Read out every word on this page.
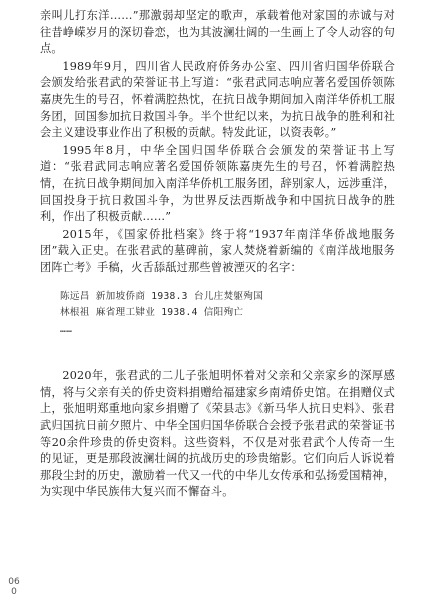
亲叫儿打东洋……”那激弱却坚定的歌声，承载着他对家国的赤诚与对往昔峥嵘岁月的深切眷恋，也为其波澜壮阔的一生画上了令人动容的句点。

1989年9月，四川省人民政府侨务办公室、四川省归国华侨联合会颁发给张君武的荣誉证书上写道：“张君武同志响应著名爱国侨领陈嘉庚先生的号召，怀着满腔热忱，在抗日战争期间加入南洋华侨机工服务团，回国参加抗日救国斗争。半个世纪以来，为抗日战争的胜利和社会主义建设事业作出了积极的贡献。特发此证，以资表彰。”

1995年8月，中华全国归国华侨联合会颁发的荣誉证书上写道：“张君武同志响应著名爱国侨领陈嘉庚先生的号召，怀着满腔热情，在抗日战争期间加入南洋华侨机工服务团，辞别家人，远涉重洋，回国投身于抗日救国斗争，为世界反法西斯战争和中国抗日战争的胜利，作出了积极贡献……”

2015年，《国家侨批档案》终于将“1937年南洋华侨战地服务团”载入正史。在张君武的墓碑前，家人焚烧着新编的《南洋战地服务团阵亡考》手稿，火舌舔舐过那些曾被湮灭的名字：

陈远昌 新加坡侨商 1938.3 台儿庄焚躯殉国
林根祖 麻省理工肄业 1938.4 信阳殉亡
……

2020年，张君武的二儿子张旭明怀着对父亲和父亲家乡的深厚感情，将与父亲有关的侨史资料捐赠给福建家乡南靖侨史馆。在捐赠仪式上，张旭明郑重地向家乡捐赠了《荣县志》《新马华人抗日史料》、张君武归国抗日前夕照片、中华全国归国华侨联合会授予张君武的荣誉证书等20余件珍贵的侨史资料。这些资料，不仅是对张君武个人传奇一生的见证，更是那段波澜壮阔的抗战历史的珍贵缩影。它们向后人诉说着那段尘封的历史，激励着一代又一代的中华儿女传承和弘扬爱国精神，为实现中华民族伟大复兴而不懈奋斗。

060
